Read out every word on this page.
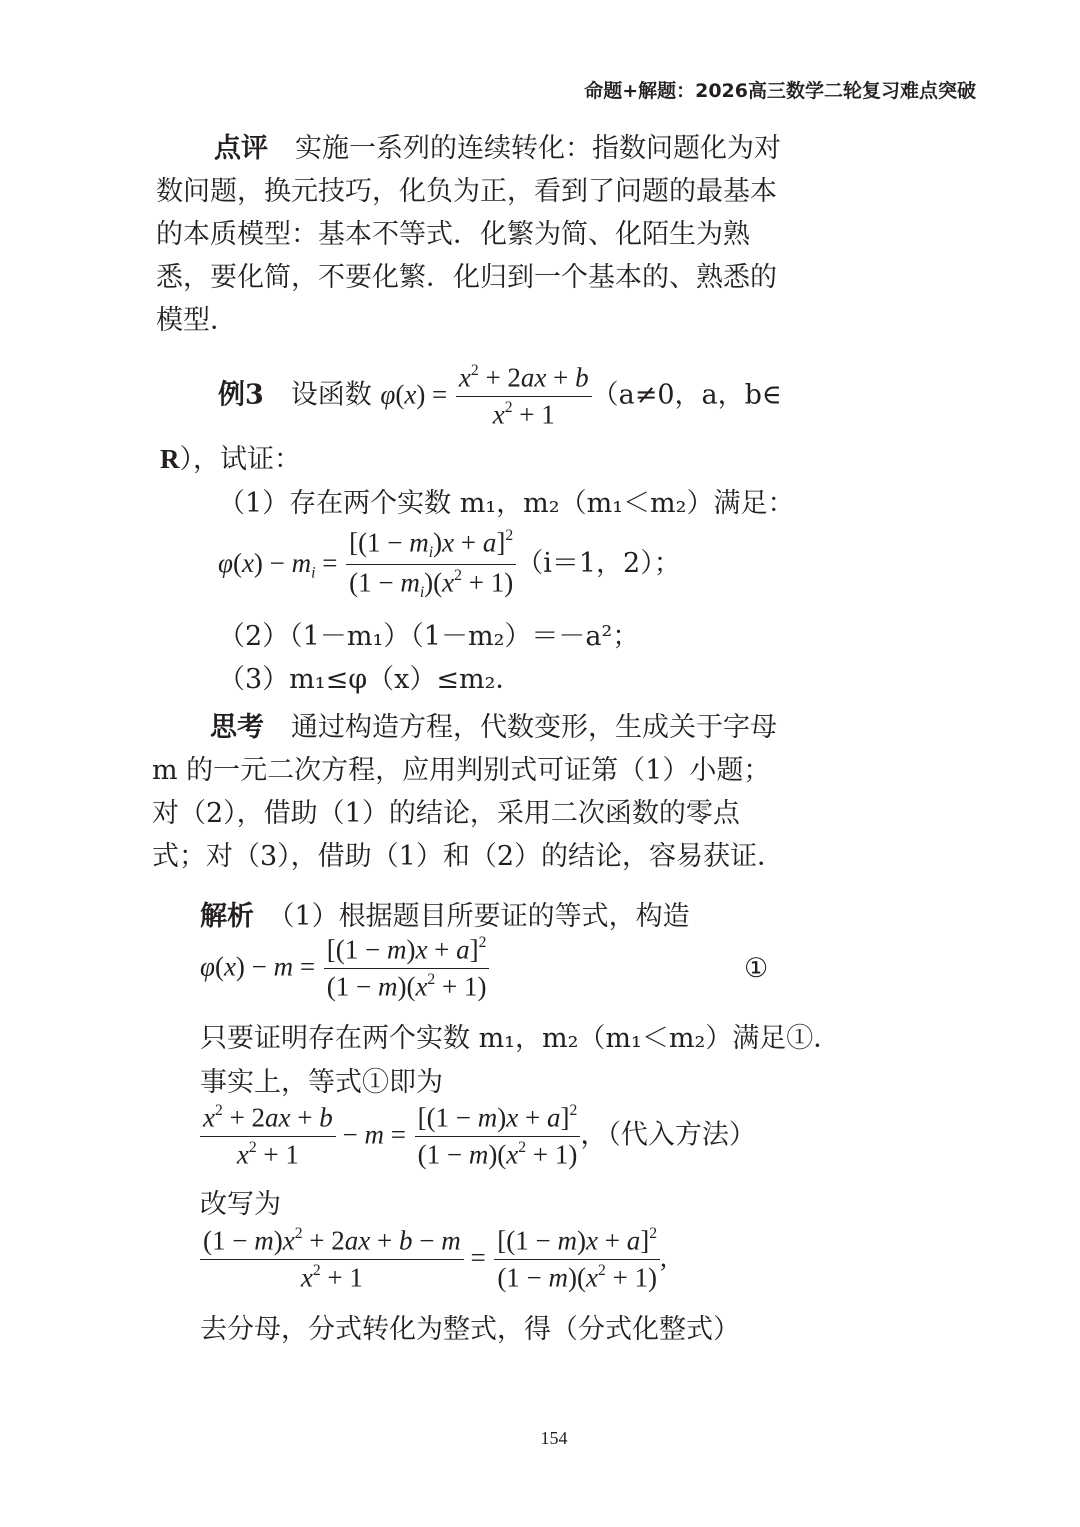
命题+解题：2026高三数学二轮复习难点突破
点评　 实施一系列的连续转化：指数问题化为对数问题，换元技巧，化负为正，看到了问题的最基本的本质模型：基本不等式．化繁为简、化陌生为熟悉，要化简，不要化繁．化归到一个基本的、熟悉的模型．
例3　 设函数 $\varphi(x) = \frac{x^2 + 2ax + b}{x^2 + 1} (a\ne 0$，a，b∈
R），试证：
（1）存在两个实数 m₁，m₂（m₁＜m₂）满足：
$\varphi(x) - m_i = \frac{[(1 - m_i)x + a]^2}{(1 - m_i)(x^2 + 1)} (i=1$，2）；
（2）（1－m₁）（1－m₂）＝－a²；
（3）m₁≤φ（x）≤m₂．
思考　 通过构造方程，代数变形，生成关于字母 m 的一元二次方程，应用判别式可证第（1）小题；对（2），借助（1）的结论，采用二次函数的零点式；对（3），借助（1）和（2）的结论，容易获证．
解析　 （1）根据题目所要证的等式，构造
$\varphi(x) - m = \frac{[(1 - m)x + a]^2}{(1 - m)(x^2 + 1)}$	①
只要证明存在两个实数 m₁，m₂（m₁＜m₂）满足①．
事实上，等式①即为
$\frac{x^2 + 2ax + b}{x^2 + 1} - m = \frac{[(1 - m)x + a]^2}{(1 - m)(x^2 + 1)}$ ，（代入方法）
改写为
$\frac{(1 - m)x^2 + 2ax + b - m}{x^2 + 1} = \frac{[(1 - m)x + a]^2}{(1 - m)(x^2 + 1)}$ ,
去分母，分式转化为整式，得（分式化整式）
154
